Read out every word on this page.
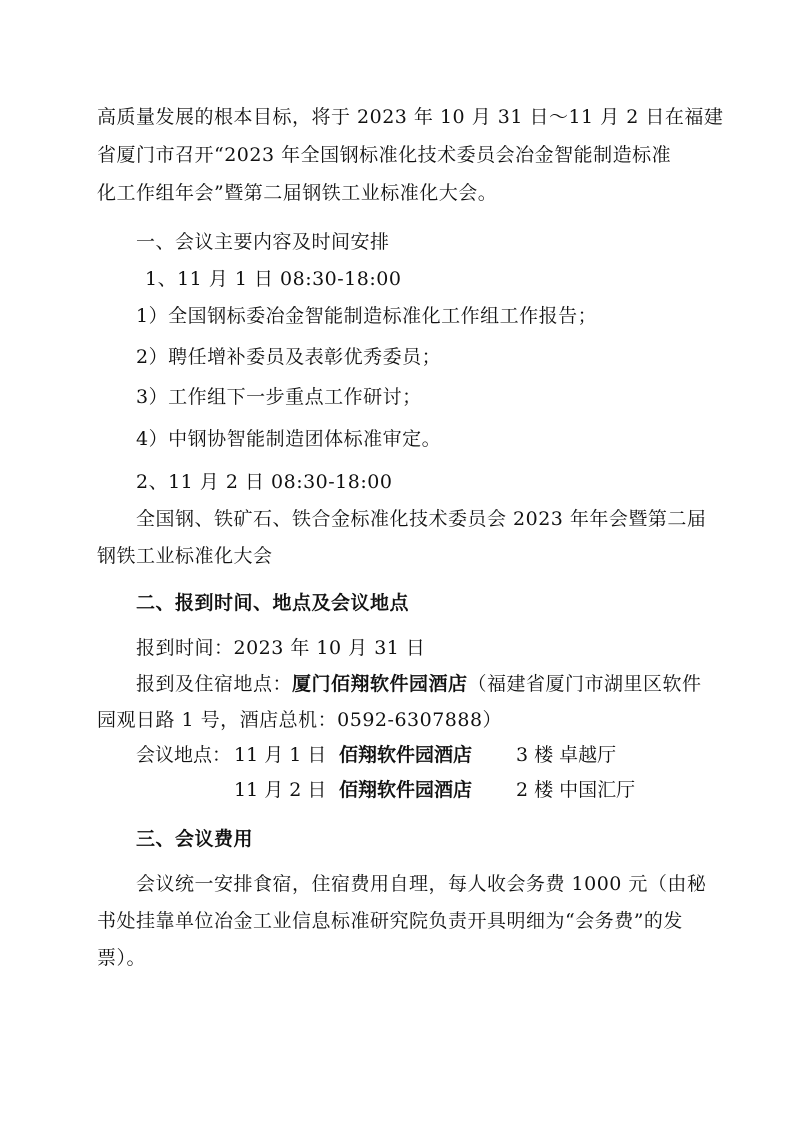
高质量发展的根本目标，将于 2023 年 10 月 31 日～11 月 2 日在福建
省厦门市召开“2023 年全国钢标准化技术委员会冶金智能制造标准
化工作组年会”暨第二届钢铁工业标准化大会。
一、会议主要内容及时间安排
1、11 月 1 日 08:30-18:00
1）全国钢标委冶金智能制造标准化工作组工作报告；
2）聘任增补委员及表彰优秀委员；
3）工作组下一步重点工作研讨；
4）中钢协智能制造团体标准审定。
2、11 月 2 日 08:30-18:00
全国钢、铁矿石、铁合金标准化技术委员会 2023 年年会暨第二届
钢铁工业标准化大会
二、报到时间、地点及会议地点
报到时间：2023 年 10 月 31 日
报到及住宿地点：厦门佰翔软件园酒店（福建省厦门市湖里区软件
园观日路 1 号，酒店总机：0592-6307888）
会议地点： 11 月 1 日 佰翔软件园酒店 3 楼 卓越厅
11 月 2 日 佰翔软件园酒店 2 楼 中国汇厅
三、会议费用
会议统一安排食宿，住宿费用自理，每人收会务费 1000 元（由秘
书处挂靠单位冶金工业信息标准研究院负责开具明细为“会务费”的发
票）。
